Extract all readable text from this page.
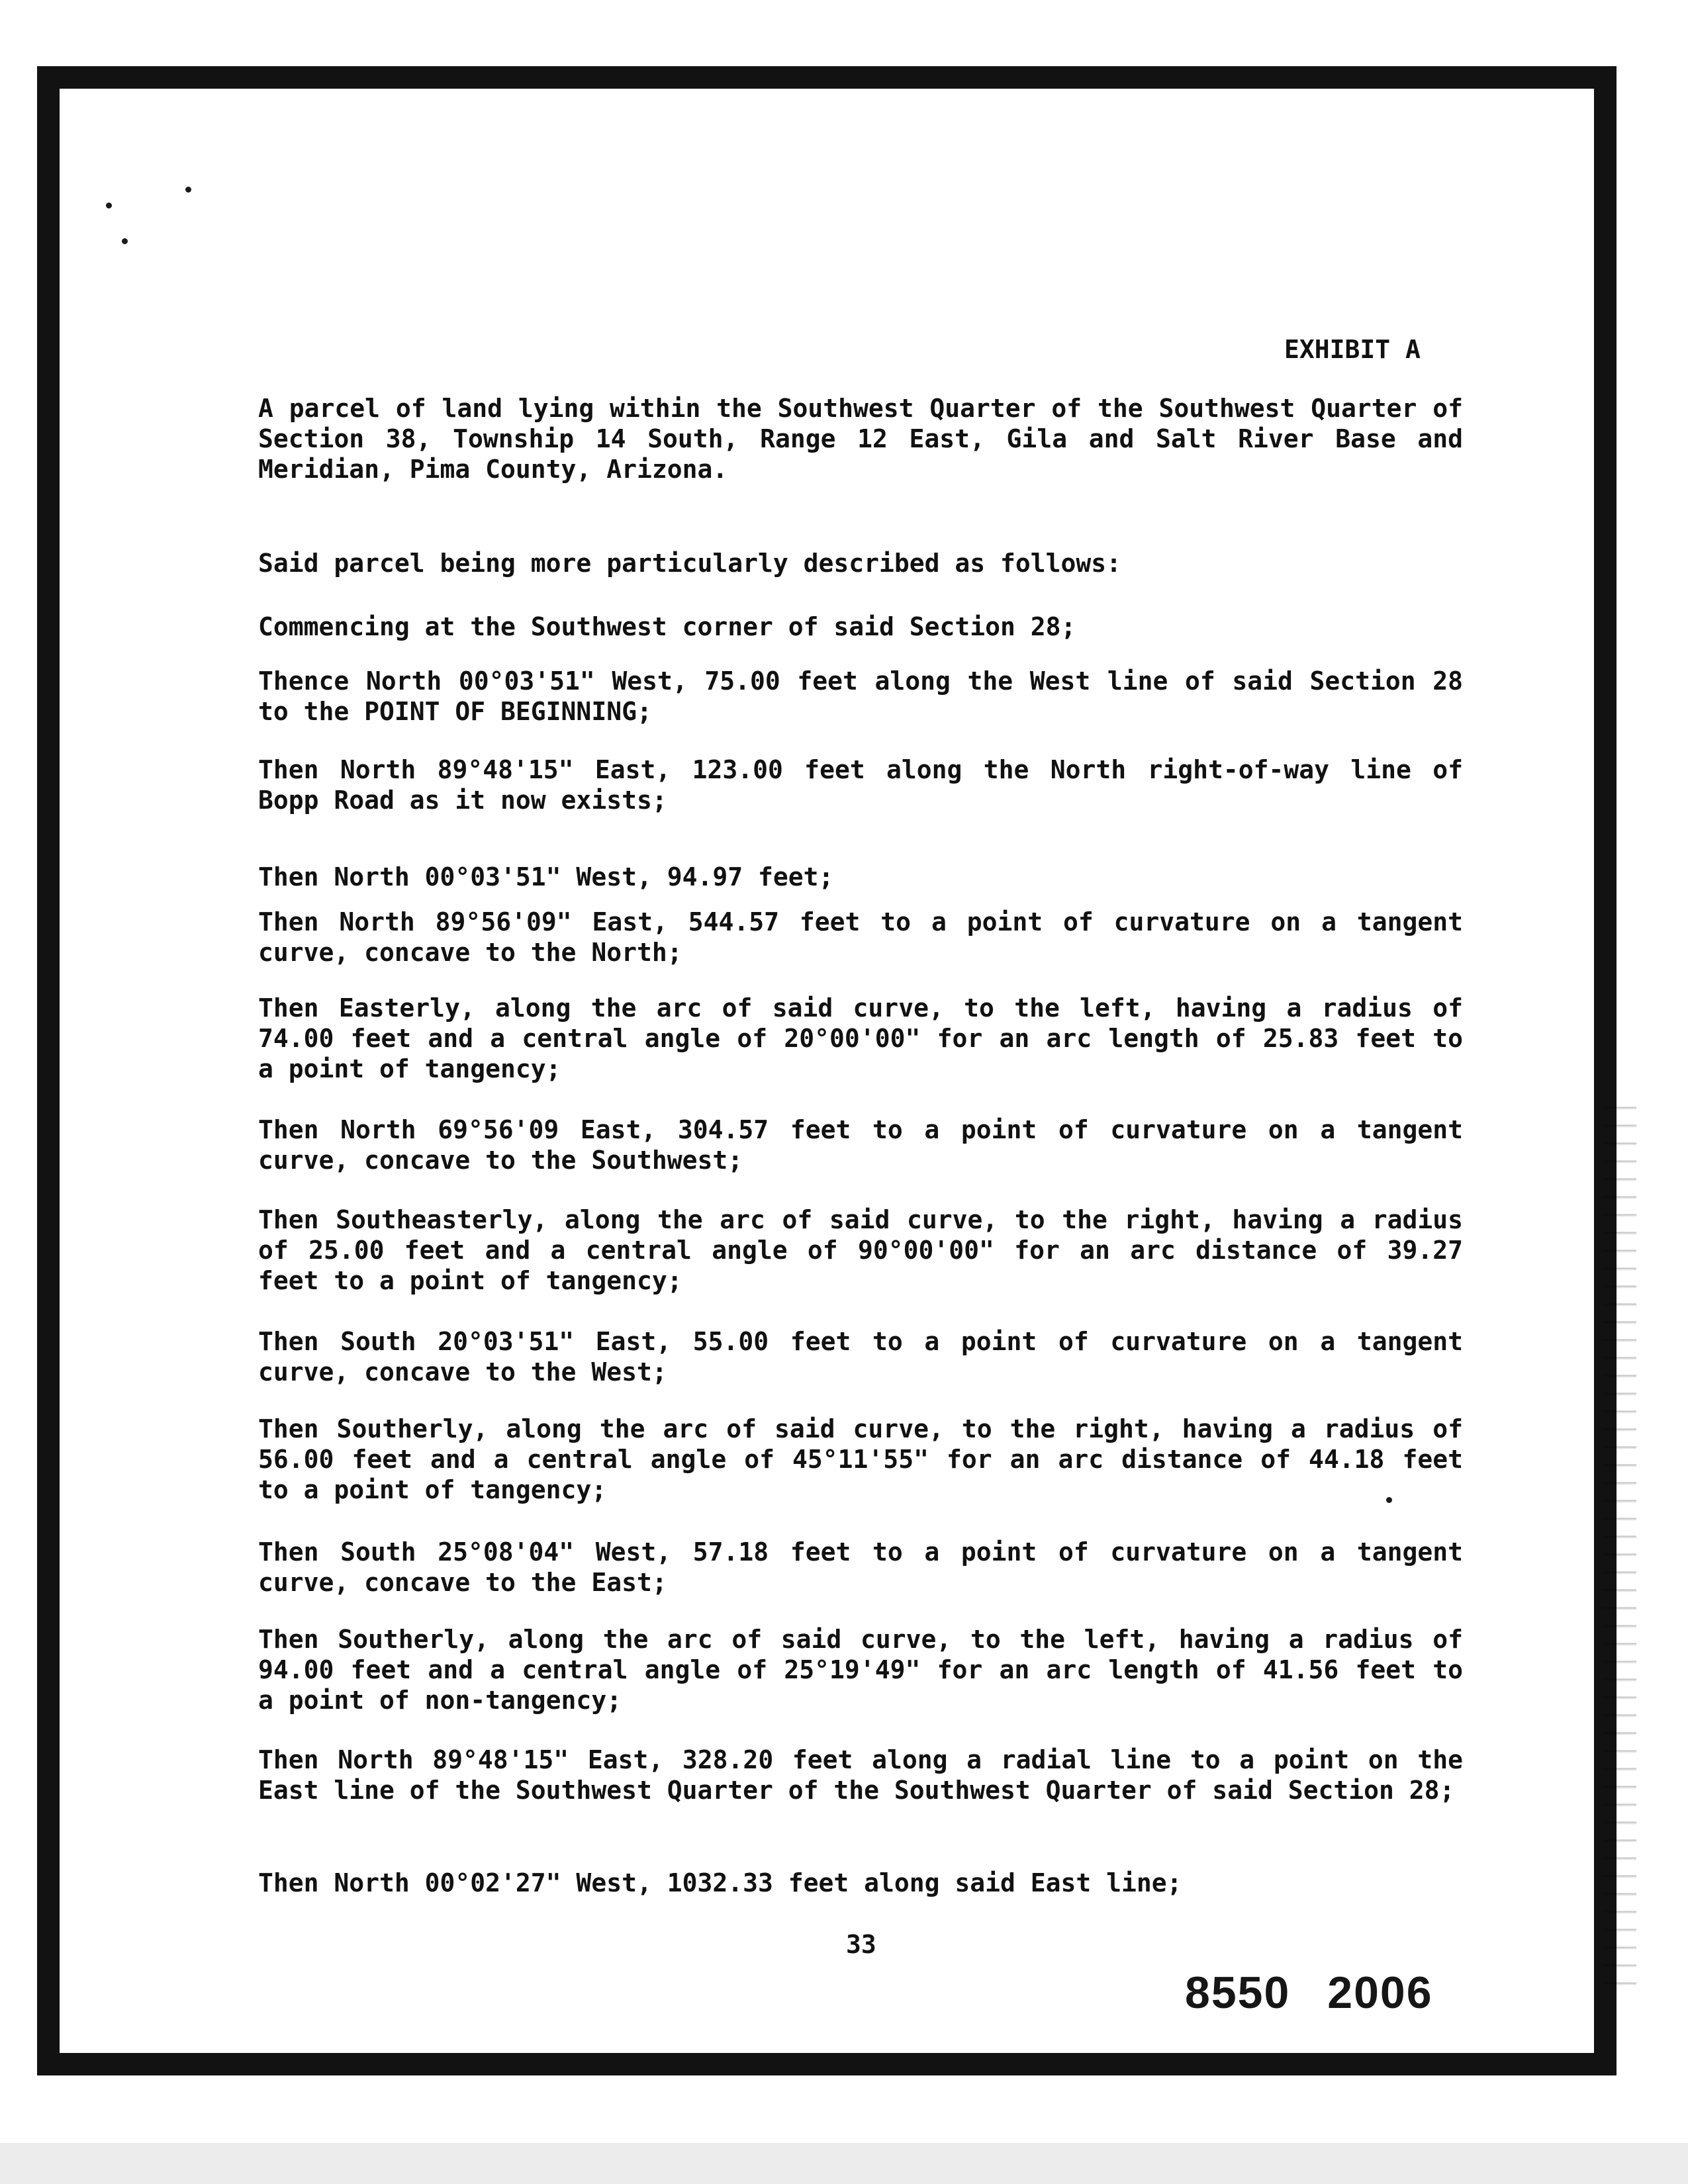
EXHIBIT A
A parcel of land lying within the Southwest Quarter of the Southwest Quarter of Section 38, Township 14 South, Range 12 East, Gila and Salt River Base and Meridian, Pima County, Arizona.
Said parcel being more particularly described as follows:
Commencing at the Southwest corner of said Section 28;
Thence North 00°03'51" West, 75.00 feet along the West line of said Section 28 to the POINT OF BEGINNING;
Then North 89°48'15" East, 123.00 feet along the North right-of-way line of Bopp Road as it now exists;
Then North 00°03'51" West, 94.97 feet;
Then North 89°56'09" East, 544.57 feet to a point of curvature on a tangent curve, concave to the North;
Then Easterly, along the arc of said curve, to the left, having a radius of 74.00 feet and a central angle of 20°00'00" for an arc length of 25.83 feet to a point of tangency;
Then North 69°56'09 East, 304.57 feet to a point of curvature on a tangent curve, concave to the Southwest;
Then Southeasterly, along the arc of said curve, to the right, having a radius of 25.00 feet and a central angle of 90°00'00" for an arc distance of 39.27 feet to a point of tangency;
Then South 20°03'51" East, 55.00 feet to a point of curvature on a tangent curve, concave to the West;
Then Southerly, along the arc of said curve, to the right, having a radius of 56.00 feet and a central angle of 45°11'55" for an arc distance of 44.18 feet to a point of tangency;
Then South 25°08'04" West, 57.18 feet to a point of curvature on a tangent curve, concave to the East;
Then Southerly, along the arc of said curve, to the left, having a radius of 94.00 feet and a central angle of 25°19'49" for an arc length of 41.56 feet to a point of non-tangency;
Then North 89°48'15" East, 328.20 feet along a radial line to a point on the East line of the Southwest Quarter of the Southwest Quarter of said Section 28;
Then North 00°02'27" West, 1032.33 feet along said East line;
33
8550 2006
